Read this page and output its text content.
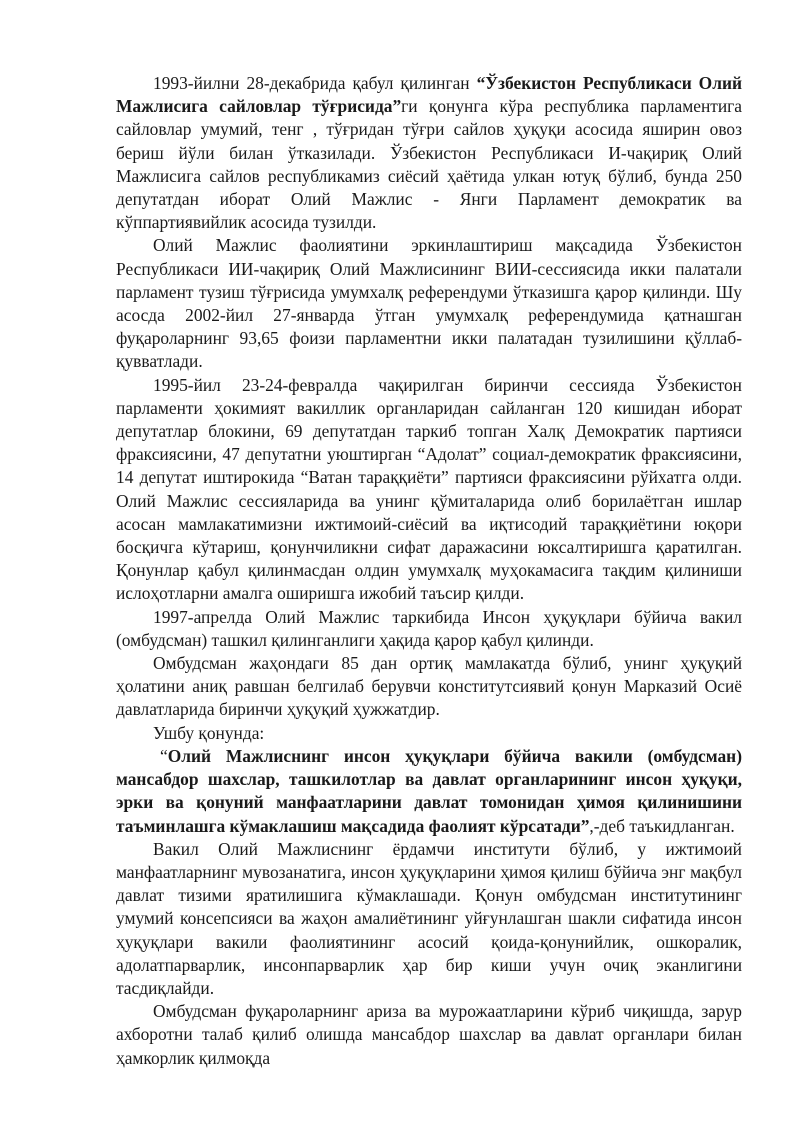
1993-йилни 28-декабрида қабул қилинган “Ўзбекистон Республикаси Олий Мажлисига сайловлар тўғрисида”ги қонунга кўра республика парламентига сайловлар умумий, тенг , тўғридан тўғри сайлов ҳуқуқи асосида яширин овоз бериш йўли билан ўтказилади. Ўзбекистон Республикаси И-чақириқ Олий Мажлисига сайлов республикамиз сиёсий ҳаётида улкан ютуқ бўлиб, бунда 250 депутатдан иборат Олий Мажлис - Янги Парламент демократик ва кўппартиявийлик асосида тузилди.

Олий Мажлис фаолиятини эркинлаштириш мақсадида Ўзбекистон Республикаси ИИ-чақириқ Олий Мажлисининг ВИИ-сессиясида икки палатали парламент тузиш тўғрисида умумхалқ референдуми ўтказишга қарор қилинди. Шу асосда 2002-йил 27-январда ўтган умумхалқ референдумида қатнашган фуқароларнинг 93,65 фоизи парламентни икки палатадан тузилишини қўллаб-қувватлади.

1995-йил 23-24-февралда чақирилган биринчи сессияда Ўзбекистон парламенти ҳокимият вакиллик органларидан сайланган 120 кишидан иборат депутатлар блокини, 69 депутатдан таркиб топган Халқ Демократик партияси фраксиясини, 47 депутатни уюштирган “Адолат” социал-демократик фраксиясини, 14 депутат иштирокида “Ватан тараққиёти” партияси фраксиясини рўйхатга олди. Олий Мажлис сессияларида ва унинг қўмиталарида олиб борилаётган ишлар асосан мамлакатимизни ижтимоий-сиёсий ва иқтисодий тараққиётини юқори босқичга кўтариш, қонунчиликни сифат даражасини юксалтиришга қаратилган. Қонунлар қабул қилинмасдан олдин умумхалқ муҳокамасига тақдим қилиниши ислоҳотларни амалга оширишга ижобий таъсир қилди.

1997-апрелда Олий Мажлис таркибида Инсон ҳуқуқлари бўйича вакил (омбудсман) ташкил қилинганлиги ҳақида қарор қабул қилинди.

Омбудсман жаҳондаги 85 дан ортиқ мамлакатда бўлиб, унинг ҳуқуқий ҳолатини аниқ равшан белгилаб берувчи конститутсиявий қонун Марказий Осиё давлатларида биринчи ҳуқуқий ҳужжатдир.

Ушбу қонунда:

“Олий Мажлиснинг инсон ҳуқуқлари бўйича вакили (омбудсман) мансабдор шахслар, ташкилотлар ва давлат органларининг инсон ҳуқуқи, эрки ва қонуний манфаатларини давлат томонидан ҳимоя қилинишини таъминлашга кўмаклашиш мақсадида фаолият кўрсатади”,-деб таъкидланган.

Вакил Олий Мажлиснинг ёрдамчи институти бўлиб, у ижтимоий манфаатларнинг мувозанатига, инсон ҳуқуқларини ҳимоя қилиш бўйича энг мақбул давлат тизими яратилишига кўмаклашади. Қонун омбудсман институтининг умумий консепсияси ва жаҳон амалиётининг уйғунлашган шакли сифатида инсон ҳуқуқлари вакили фаолиятининг асосий қоида-қонунийлик, ошкоралик, адолатпарварлик, инсонпарварлик ҳар бир киши учун очиқ эканлигини тасдиқлайди.

Омбудсман фуқароларнинг ариза ва мурожаатларини кўриб чиқишда, зарур ахборотни талаб қилиб олишда мансабдор шахслар ва давлат органлари билан ҳамкорлик қилмоқда
